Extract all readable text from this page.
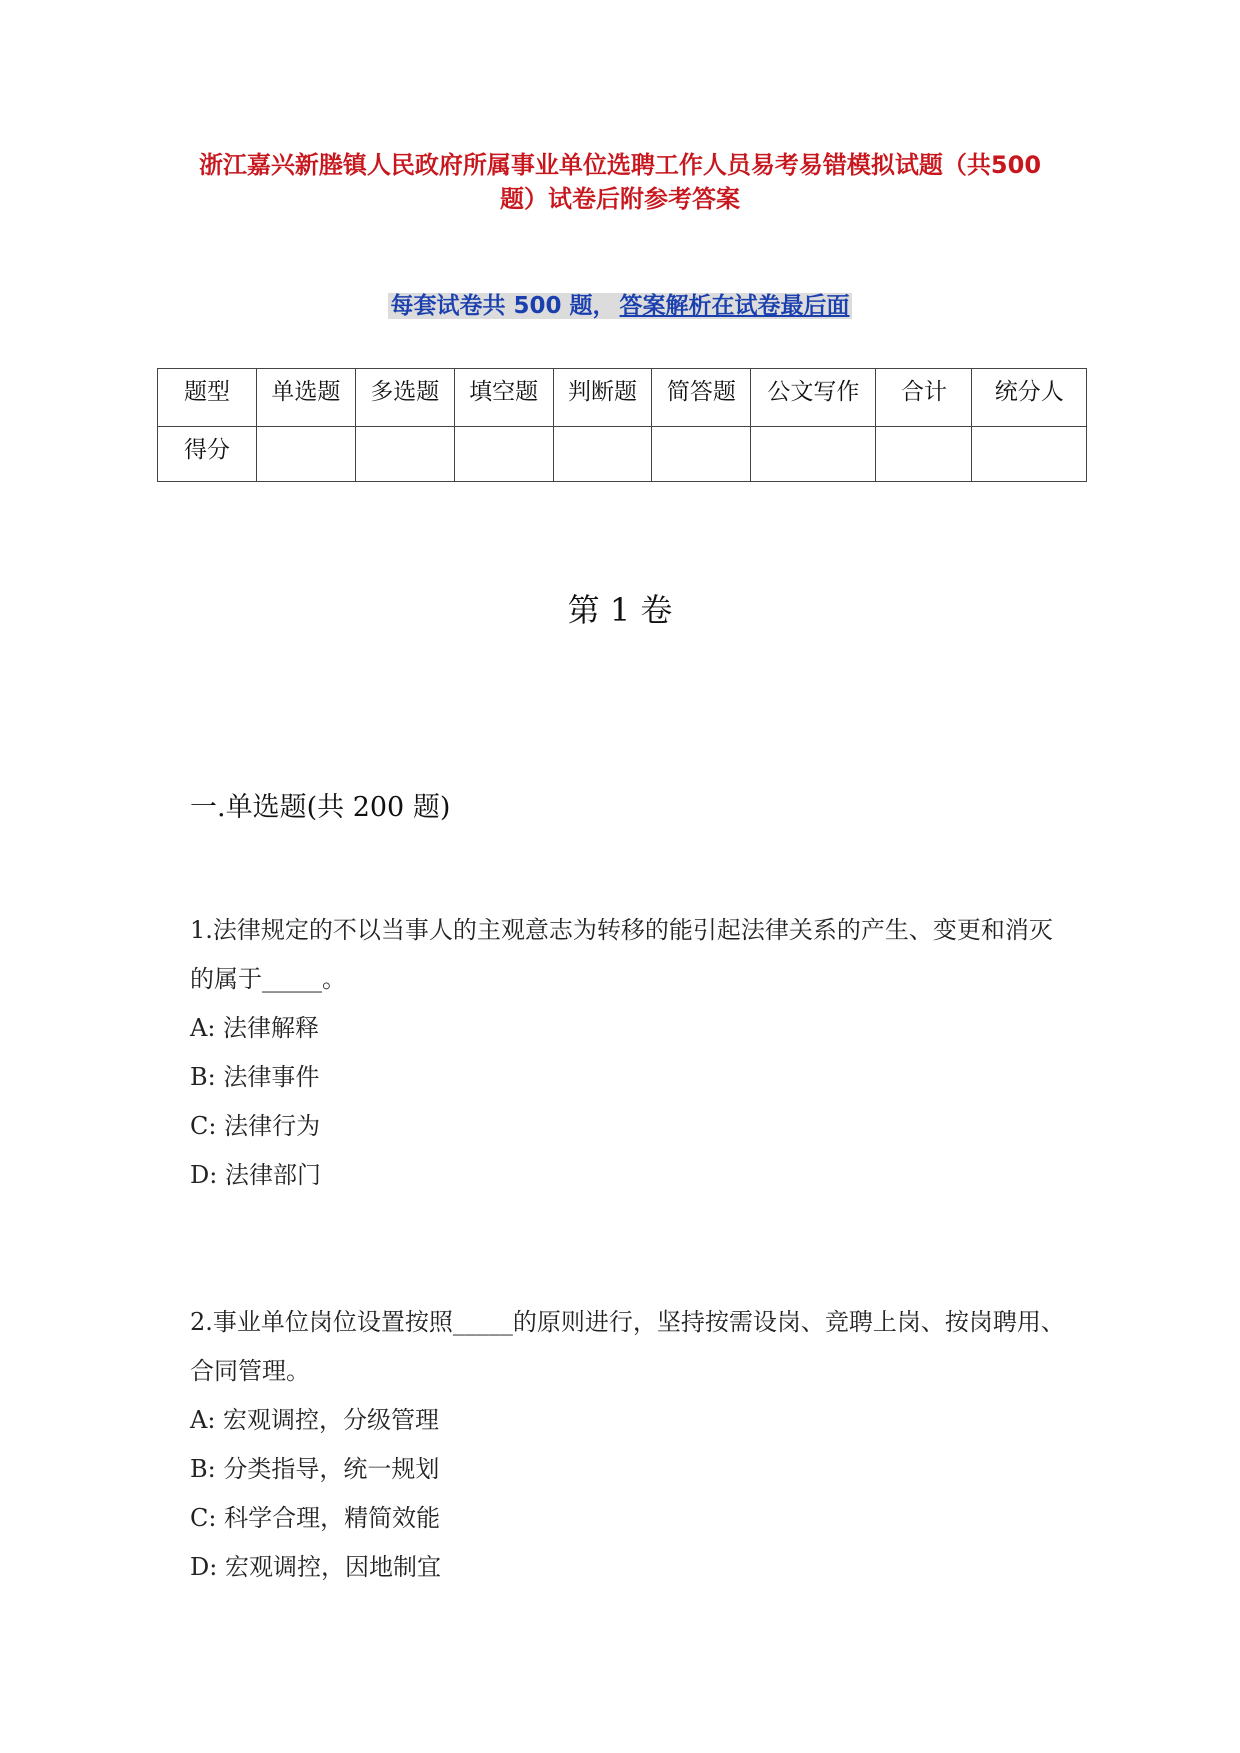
浙江嘉兴新塍镇人民政府所属事业单位选聘工作人员易考易错模拟试题（共500题）试卷后附参考答案
每套试卷共 500 题， 答案解析在试卷最后面
题型	单选题	多选题	填空题	判断题	简答题	公文写作	合计	统分人
得分								
第 1 卷
一.单选题(共 200 题)

1.法律规定的不以当事人的主观意志为转移的能引起法律关系的产生、变更和消灭的属于_____。

A: 法律解释

B: 法律事件

C: 法律行为

D: 法律部门

2.事业单位岗位设置按照_____的原则进行，坚持按需设岗、竞聘上岗、按岗聘用、合同管理。

A: 宏观调控，分级管理

B: 分类指导，统一规划

C: 科学合理，精简效能

D: 宏观调控，因地制宜
